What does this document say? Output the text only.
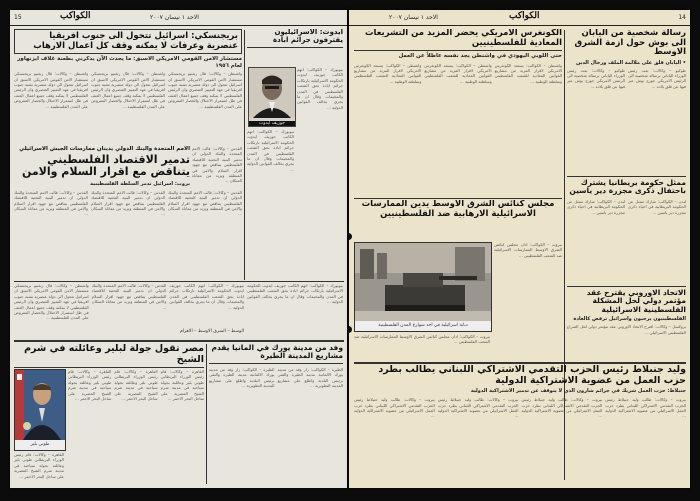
15	الاحد ١ نيسان ٢٠٠٧
الكواكب

بريجنسكي: اسرائيل تتحول الى جنوب افريقيا عنصرية وعرفات لا يمكنه وقف كل اعمال الارهاب

مستشار الامن القومي الامريكي الاسبق: ما يحدث الآن يذكرني بطعنة غلاف ايزنهاور لعام ١٩٥٦

واشنطن – وكالات: قال زبغنيو بريجنسكي مستشار الامن القومي الامريكي الاسبق ان اسرائيل تتحول الى دولة عنصرية تشبه جنوب افريقيا في عهد التمييز العنصري وان الرئيس الفلسطيني لا يمكنه وقف جميع اعمال العنف في ظل استمرار الاحتلال والحصار المفروض على المدن الفلسطينية ...

واشنطن – وكالات: قال زبغنيو بريجنسكي مستشار الامن القومي الامريكي الاسبق ان اسرائيل تتحول الى دولة عنصرية تشبه جنوب افريقيا في عهد التمييز العنصري وان الرئيس الفلسطيني لا يمكنه وقف جميع اعمال العنف في ظل استمرار الاحتلال والحصار المفروض على المدن الفلسطينية ...

واشنطن – وكالات: قال زبغنيو بريجنسكي مستشار الامن القومي الامريكي الاسبق ان اسرائيل تتحول الى دولة عنصرية تشبه جنوب افريقيا في عهد التمييز العنصري وان الرئيس الفلسطيني لا يمكنه وقف جميع اعمال العنف في ظل استمرار الاحتلال والحصار المفروض على المدن الفلسطينية ...

ايدوث: الاسرائيليون يقترفون جرائم ابادة

جوزيف ايدوث

نيويورك – الكواكب: اتهم الكاتب جوزيف ايدوث الحكومة الاسرائيلية بارتكاب جرائم ابادة بحق الشعب الفلسطيني في المدن والمخيمات وقال ان ما يجري يخالف القوانين الدولية ...

نيويورك – الكواكب: اتهم الكاتب جوزيف ايدوث الحكومة الاسرائيلية بارتكاب جرائم ابادة بحق الشعب الفلسطيني في المدن والمخيمات وقال ان ما يجري يخالف القوانين الدولية ...

الامم المتحدة والبنك الدولي يدينان ممارسات الجيش الاسرائيلي

تدمير الاقتصاد الفلسطيني يتناقض مع اقرار السلام والامن

بروت: اسرائيل تدمر السلطة الفلسطينية

القدس – وكالات: قالت الامم المتحدة والبنك الدولي ان تدمير البنية التحتية للاقتصاد الفلسطيني يتناقض مع جهود اقرار السلام والامن في المنطقة ويزيد من معاناة السكان ...

القدس – وكالات: قالت الامم المتحدة والبنك الدولي ان تدمير البنية التحتية للاقتصاد الفلسطيني يتناقض مع جهود اقرار السلام والامن في المنطقة ويزيد من معاناة السكان ...

القدس – وكالات: قالت الامم المتحدة والبنك الدولي ان تدمير البنية التحتية للاقتصاد الفلسطيني يتناقض مع جهود اقرار السلام والامن في المنطقة ويزيد من معاناة السكان ...

القدس – وكالات: قالت الامم المتحدة والبنك الدولي ان تدمير البنية التحتية للاقتصاد الفلسطيني يتناقض مع جهود اقرار السلام والامن في المنطقة ويزيد من معاناة السكان ...

واشنطن – وكالات: قال زبغنيو بريجنسكي مستشار الامن القومي الامريكي الاسبق ان اسرائيل تتحول الى دولة عنصرية تشبه جنوب افريقيا في عهد التمييز العنصري وان الرئيس الفلسطيني لا يمكنه وقف جميع اعمال العنف في ظل استمرار الاحتلال والحصار المفروض على المدن الفلسطينية ...

القدس – وكالات: قالت الامم المتحدة والبنك الدولي ان تدمير البنية التحتية للاقتصاد الفلسطيني يتناقض مع جهود اقرار السلام والامن في المنطقة ويزيد من معاناة السكان ...

نيويورك – الكواكب: اتهم الكاتب جوزيف ايدوث الحكومة الاسرائيلية بارتكاب جرائم ابادة بحق الشعب الفلسطيني في المدن والمخيمات وقال ان ما يجري يخالف القوانين الدولية ...

الوسط – الشرق الاوسط – الاهرام

نيويورك – الكواكب: اتهم الكاتب جوزيف ايدوث الحكومة الاسرائيلية بارتكاب جرائم ابادة بحق الشعب الفلسطيني في المدن والمخيمات وقال ان ما يجري يخالف القوانين الدولية ...

مصر تقول جولة لبلير وعائلته في شرم الشيخ

طوني بلير

القاهرة – وكالات: قام رئيس الوزراء البريطاني طوني بلير وعائلته بجولة سياحية في مدينة شرم الشيخ المصرية على ساحل البحر الاحمر ...

القاهرة – وكالات: قام رئيس الوزراء البريطاني طوني بلير وعائلته بجولة سياحية في مدينة شرم الشيخ المصرية على ساحل البحر الاحمر ...

القاهرة – وكالات: قام رئيس الوزراء البريطاني طوني بلير وعائلته بجولة سياحية في مدينة شرم الشيخ المصرية على ساحل البحر الاحمر ...

القاهرة – وكالات: قام رئيس الوزراء البريطاني طوني بلير وعائلته بجولة سياحية في مدينة شرم الشيخ المصرية على ساحل البحر الاحمر ...

وفد من مدينة يورك في المانيا يقدم مشاريع المدينة الطيرة

الطيرة – الكواكب: زار وفد من مدينة يورك الالمانية مدينة الطيرة والتقى برئيس البلدية واطلع على مشاريع المدينة التطويرية ...

الطيرة – الكواكب: زار وفد من مدينة يورك الالمانية مدينة الطيرة والتقى برئيس البلدية واطلع على مشاريع المدينة التطويرية ...

14
الاحد ١ نيسان ٢٠٠٧	الكواكب

الكونغرس الامريكي يحضر المزيد من التشريعات المعادية للفلسطينيين

حتى اللوبي اليهودي في واشنطن يجد نفسه عاطلاً عن العمل

واشنطن – الكواكب: يستعد الكونغرس الامريكي لاقرار المزيد من مشاريع القوانين المعادية للشعب الفلسطيني وسلطته الوطنية ...

واشنطن – الكواكب: يستعد الكونغرس الامريكي لاقرار المزيد من مشاريع القوانين المعادية للشعب الفلسطيني وسلطته الوطنية ...

واشنطن – الكواكب: يستعد الكونغرس الامريكي لاقرار المزيد من مشاريع القوانين المعادية للشعب الفلسطيني وسلطته الوطنية ...

رسالة شخصية من اليابان الى بوش حول ازمة الشرق الاوسط

• اليابان قلق على ملالمة الملف ورجال الدين

طوكيو – وكالات: بعث رئيس الوزراء الياباني برسالة شخصية الى الرئيس الامريكي جورج بوش عبر فيها عن قلق بلاده ...

طوكيو – وكالات: بعث رئيس الوزراء الياباني برسالة شخصية الى الرئيس الامريكي جورج بوش عبر فيها عن قلق بلاده ...

ممثل حكومة بريطانيا يشترك باحتفال ذكرى مجزرة دير ياسين

لندن – الكواكب: شارك ممثل عن الحكومة البريطانية في احياء ذكرى مجزرة دير ياسين ...

لندن – الكواكب: شارك ممثل عن الحكومة البريطانية في احياء ذكرى مجزرة دير ياسين ...

الاتحاد الاوروبي يقترح عقد مؤتمر دولي لحل المشكلة الفلسطينية الاسرائيلية

الفلسطينيون يرحبون واسرائيل ترفض كالعادة

بروكسل – وكالات: اقترح الاتحاد الاوروبي عقد مؤتمر دولي لحل الصراع الفلسطيني الاسرائيلي ...

مجلس كنائس الشرق الاوسط يدين الممارسات الاسرائيلية الارهابية ضد الفلسطينيين

دبابة اسرائيلية في احد شوارع المدن الفلسطينية

بيروت – الكواكب: ادان مجلس كنائس الشرق الاوسط الممارسات الاسرائيلية ضد الشعب الفلسطيني ...

بيروت – الكواكب: ادان مجلس كنائس الشرق الاوسط الممارسات الاسرائيلية ضد الشعب الفلسطيني ...

وليد جنبلاط رئيس الحزب التقدمي الاشتراكي اللبناني يطالب بطرد حزب العمل من عضوية الاشتراكية الدولية

جنبلاط: حزب العمل شريك في جرائم شارون الذي لا يتوقف عن تدمير الاشتراكية الدولية

بيروت – وكالات: طالب وليد جنبلاط رئيس الحزب التقدمي الاشتراكي اللبناني بطرد حزب العمل الاسرائيلي من عضوية الاشتراكية الدولية ...

بيروت – وكالات: طالب وليد جنبلاط رئيس الحزب التقدمي الاشتراكي اللبناني بطرد حزب العمل الاسرائيلي من عضوية الاشتراكية الدولية ...

بيروت – وكالات: طالب وليد جنبلاط رئيس الحزب التقدمي الاشتراكي اللبناني بطرد حزب العمل الاسرائيلي من عضوية الاشتراكية الدولية ...

بيروت – وكالات: طالب وليد جنبلاط رئيس الحزب التقدمي الاشتراكي اللبناني بطرد حزب العمل الاسرائيلي من عضوية الاشتراكية الدولية ...
